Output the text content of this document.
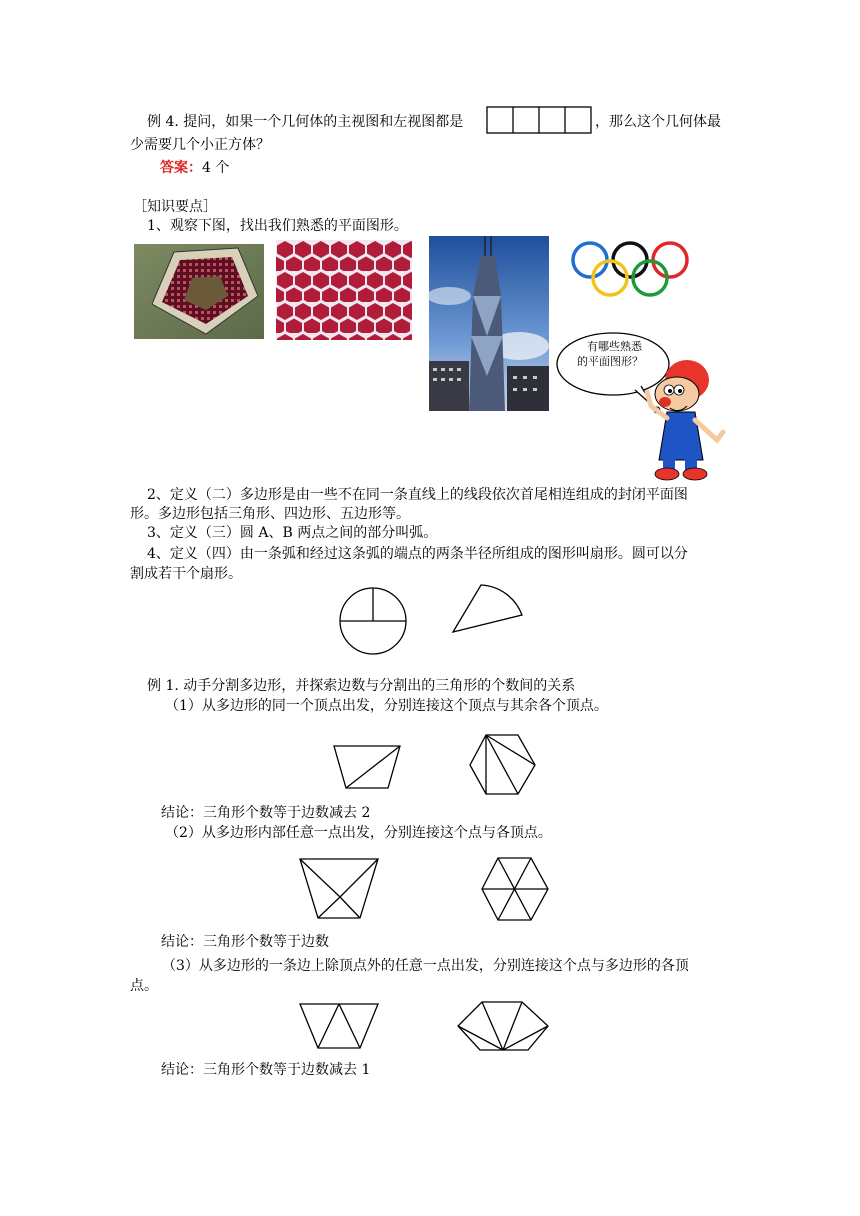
例 4. 提问，如果一个几何体的主视图和左视图都是	，那么这个几何体最
少需要几个小正方体？
答案：4 个
［知识要点］
1、观察下图，找出我们熟悉的平面图形。
有哪些熟悉
的平面图形？
2、定义（二）多边形是由一些不在同一条直线上的线段依次首尾相连组成的封闭平面图
形。多边形包括三角形、四边形、五边形等。
3、定义（三）圆 A、B 两点之间的部分叫弧。
4、定义（四）由一条弧和经过这条弧的端点的两条半径所组成的图形叫扇形。圆可以分
割成若干个扇形。
例 1. 动手分割多边形，并探索边数与分割出的三角形的个数间的关系
（1）从多边形的同一个顶点出发，分别连接这个顶点与其余各个顶点。
结论：三角形个数等于边数减去 2
（2）从多边形内部任意一点出发，分别连接这个点与各顶点。
结论：三角形个数等于边数
（3）从多边形的一条边上除顶点外的任意一点出发，分别连接这个点与多边形的各顶
点。
结论：三角形个数等于边数减去 1
